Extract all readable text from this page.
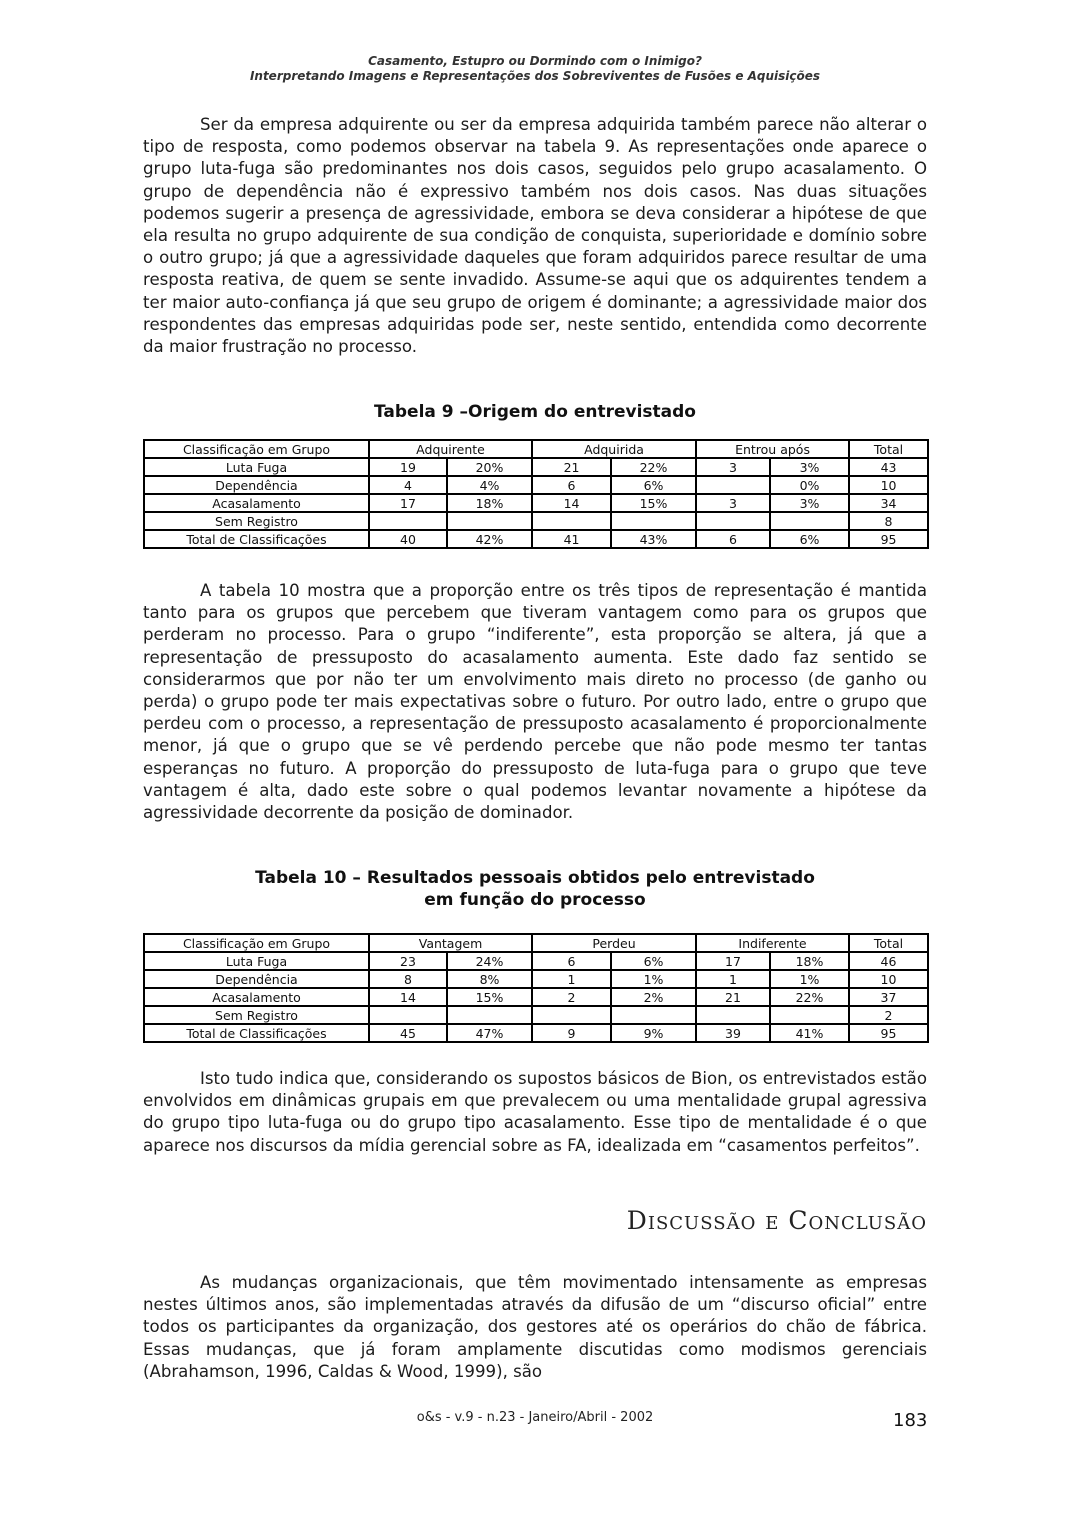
Casamento, Estupro ou Dormindo com o Inimigo?
Interpretando Imagens e Representações dos Sobreviventes de Fusões e Aquisições

Ser da empresa adquirente ou ser da empresa adquirida também parece não alterar o tipo de resposta, como podemos observar na tabela 9. As representações onde aparece o grupo luta-fuga são predominantes nos dois casos, seguidos pelo grupo acasalamento. O grupo de dependência não é expressivo também nos dois casos. Nas duas situações podemos sugerir a presença de agressividade, embora se deva considerar a hipótese de que ela resulta no grupo adquirente de sua condição de conquista, superioridade e domínio sobre o outro grupo; já que a agressividade daqueles que foram adquiridos parece resultar de uma resposta reativa, de quem se sente invadido. Assume-se aqui que os adquirentes tendem a ter maior auto-confiança já que seu grupo de origem é dominante; a agressividade maior dos respondentes das empresas adquiridas pode ser, neste sentido, entendida como decorrente da maior frustração no processo.

Tabela 9 –Origem do entrevistado
Classificação em Grupo	Adquirente		Adquirida		Entrou após		Total
Luta Fuga	19	20%	21	22%	3	3%	43
Dependência	4	4%	6	6%		0%	10
Acasalamento	17	18%	14	15%	3	3%	34
Sem Registro							8
Total de Classificações	40	42%	41	43%	6	6%	95

A tabela 10 mostra que a proporção entre os três tipos de representação é mantida tanto para os grupos que percebem que tiveram vantagem como para os grupos que perderam no processo. Para o grupo “indiferente”, esta proporção se altera, já que a representação de pressuposto do acasalamento aumenta. Este dado faz sentido se considerarmos que por não ter um envolvimento mais direto no processo (de ganho ou perda) o grupo pode ter mais expectativas sobre o futuro. Por outro lado, entre o grupo que perdeu com o processo, a representação de pressuposto acasalamento é proporcionalmente menor, já que o grupo que se vê perdendo percebe que não pode mesmo ter tantas esperanças no futuro. A proporção do pressuposto de luta-fuga para o grupo que teve vantagem é alta, dado este sobre o qual podemos levantar novamente a hipótese da agressividade decorrente da posição de dominador.

Tabela 10 – Resultados pessoais obtidos pelo entrevistado
em função do processo
Classificação em Grupo	Vantagem		Perdeu		Indiferente		Total
Luta Fuga	23	24%	6	6%	17	18%	46
Dependência	8	8%	1	1%	1	1%	10
Acasalamento	14	15%	2	2%	21	22%	37
Sem Registro							2
Total de Classificações	45	47%	9	9%	39	41%	95

Isto tudo indica que, considerando os supostos básicos de Bion, os entrevistados estão envolvidos em dinâmicas grupais em que prevalecem ou uma mentalidade grupal agressiva do grupo tipo luta-fuga ou do grupo tipo acasalamento. Esse tipo de mentalidade é o que aparece nos discursos da mídia gerencial sobre as FA, idealizada em “casamentos perfeitos”.

Discussão e Conclusão

As mudanças organizacionais, que têm movimentado intensamente as empresas nestes últimos anos, são implementadas através da difusão de um “discurso oficial” entre todos os participantes da organização, dos gestores até os operários do chão de fábrica. Essas mudanças, que já foram amplamente discutidas como modismos gerenciais (Abrahamson, 1996, Caldas & Wood, 1999), são

o&s - v.9 - n.23 - Janeiro/Abril - 2002	183
